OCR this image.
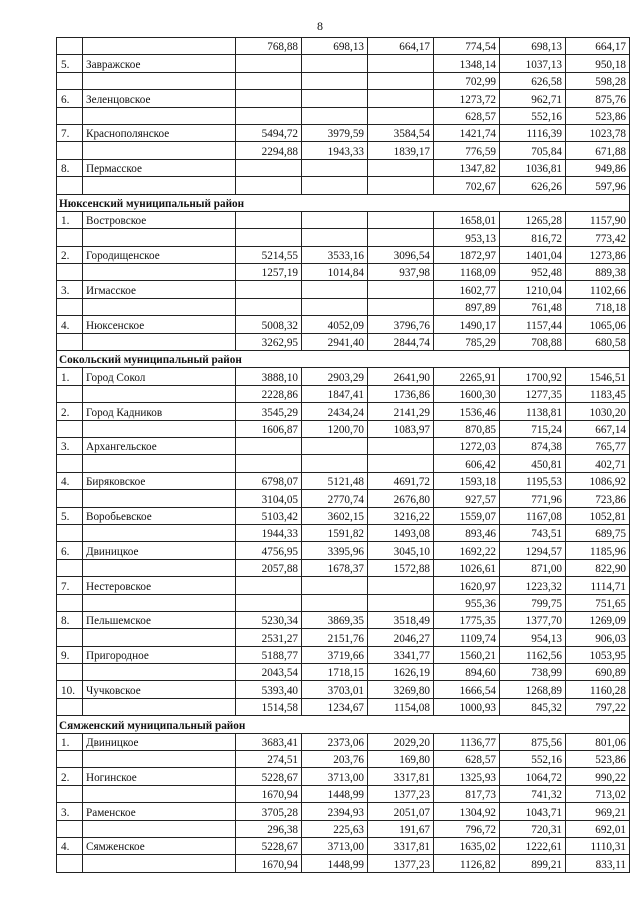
8
		768,88	698,13	664,17	774,54	698,13	664,17
5.	Завражское				1348,14	1037,13	950,18
					702,99	626,58	598,28
6.	Зеленцовское				1273,72	962,71	875,76
					628,57	552,16	523,86
7.	Краснополянское	5494,72	3979,59	3584,54	1421,74	1116,39	1023,78
		2294,88	1943,33	1839,17	776,59	705,84	671,88
8.	Пермасское				1347,82	1036,81	949,86
					702,67	626,26	597,96
Нюксенский муниципальный район							
1.	Востровское				1658,01	1265,28	1157,90
					953,13	816,72	773,42
2.	Городищенское	5214,55	3533,16	3096,54	1872,97	1401,04	1273,86
		1257,19	1014,84	937,98	1168,09	952,48	889,38
3.	Игмасское				1602,77	1210,04	1102,66
					897,89	761,48	718,18
4.	Нюксенское	5008,32	4052,09	3796,76	1490,17	1157,44	1065,06
		3262,95	2941,40	2844,74	785,29	708,88	680,58
Сокольский муниципальный район							
1.	Город Сокол	3888,10	2903,29	2641,90	2265,91	1700,92	1546,51
		2228,86	1847,41	1736,86	1600,30	1277,35	1183,45
2.	Город Кадников	3545,29	2434,24	2141,29	1536,46	1138,81	1030,20
		1606,87	1200,70	1083,97	870,85	715,24	667,14
3.	Архангельское				1272,03	874,38	765,77
					606,42	450,81	402,71
4.	Биряковское	6798,07	5121,48	4691,72	1593,18	1195,53	1086,92
		3104,05	2770,74	2676,80	927,57	771,96	723,86
5.	Воробьевское	5103,42	3602,15	3216,22	1559,07	1167,08	1052,81
		1944,33	1591,82	1493,08	893,46	743,51	689,75
6.	Двиницкое	4756,95	3395,96	3045,10	1692,22	1294,57	1185,96
		2057,88	1678,37	1572,88	1026,61	871,00	822,90
7.	Нестеровское				1620,97	1223,32	1114,71
					955,36	799,75	751,65
8.	Пельшемское	5230,34	3869,35	3518,49	1775,35	1377,70	1269,09
		2531,27	2151,76	2046,27	1109,74	954,13	906,03
9.	Пригородное	5188,77	3719,66	3341,77	1560,21	1162,56	1053,95
		2043,54	1718,15	1626,19	894,60	738,99	690,89
10.	Чучковское	5393,40	3703,01	3269,80	1666,54	1268,89	1160,28
		1514,58	1234,67	1154,08	1000,93	845,32	797,22
Сямженский муниципальный район							
1.	Двиницкое	3683,41	2373,06	2029,20	1136,77	875,56	801,06
		274,51	203,76	169,80	628,57	552,16	523,86
2.	Ногинское	5228,67	3713,00	3317,81	1325,93	1064,72	990,22
		1670,94	1448,99	1377,23	817,73	741,32	713,02
3.	Раменское	3705,28	2394,93	2051,07	1304,92	1043,71	969,21
		296,38	225,63	191,67	796,72	720,31	692,01
4.	Сямженское	5228,67	3713,00	3317,81	1635,02	1222,61	1110,31
		1670,94	1448,99	1377,23	1126,82	899,21	833,11
